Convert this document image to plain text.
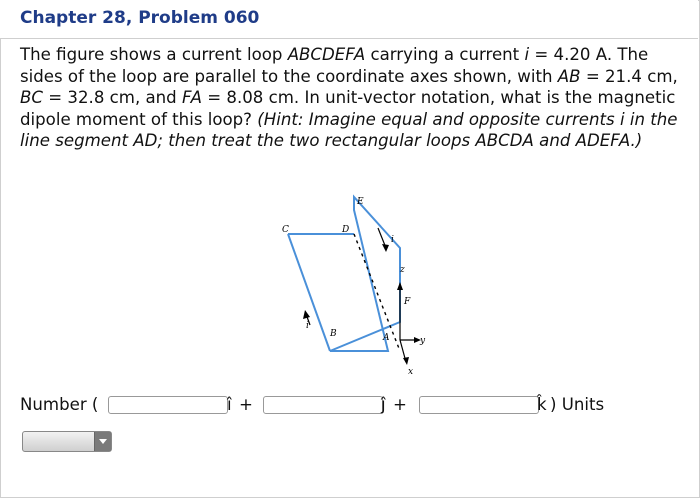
Chapter 28, Problem 060
The figure shows a current loop ABCDEFA carrying a current i = 4.20 A. The sides of the loop are parallel to the coordinate axes shown, with AB = 21.4 cm, BC = 32.8 cm, and FA = 8.08 cm. In unit-vector notation, what is the magnetic dipole moment of this loop? (Hint: Imagine equal and opposite currents i in the line segment AD; then treat the two rectangular loops ABCDA and ADEFA.)
C	D
E
F
B	A
i
i
z
y
x
Number (	î +	ĵ +	k̂ ) Units
